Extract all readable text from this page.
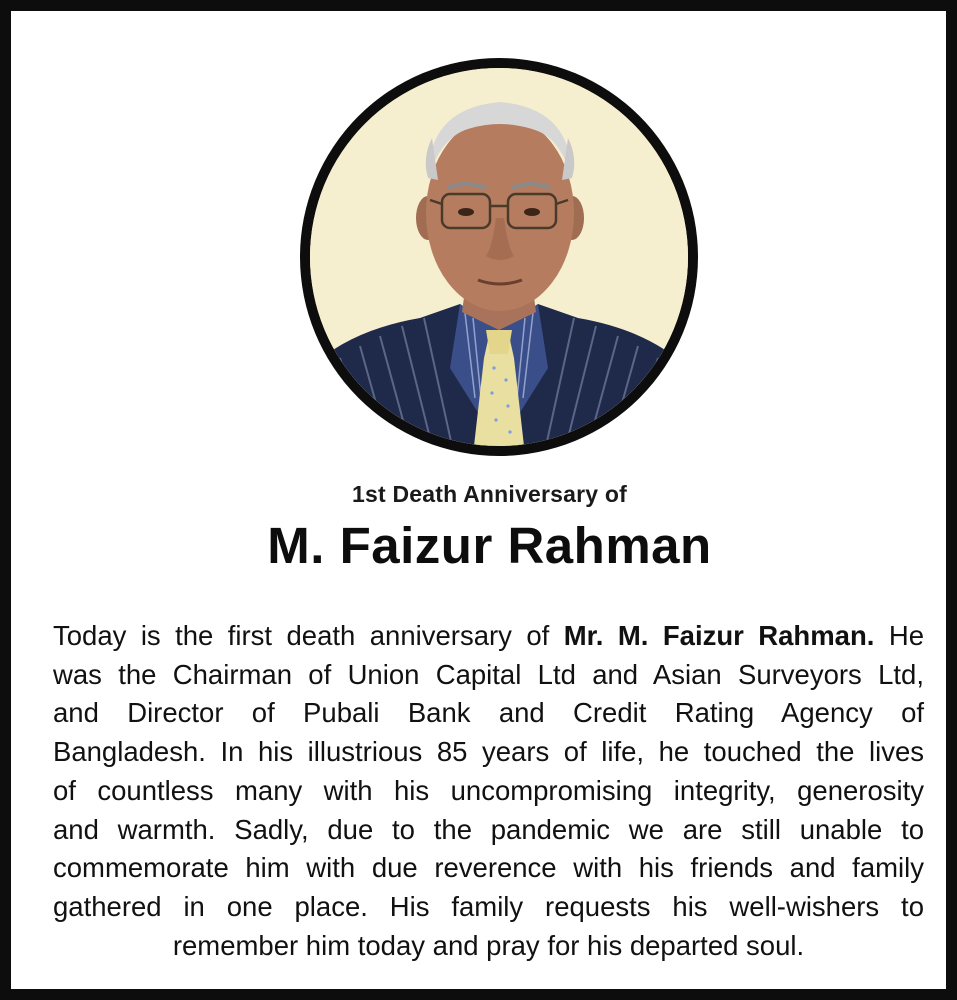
1st Death Anniversary of
M. Faizur Rahman
Today is the first death anniversary of Mr. M. Faizur Rahman. He
was the Chairman of Union Capital Ltd and Asian Surveyors Ltd,
and Director of Pubali Bank and Credit Rating Agency of
Bangladesh. In his illustrious 85 years of life, he touched the lives
of countless many with his uncompromising integrity, generosity
and warmth. Sadly, due to the pandemic we are still unable to
commemorate him with due reverence with his friends and family
gathered in one place. His family requests his well-wishers to
remember him today and pray for his departed soul.
